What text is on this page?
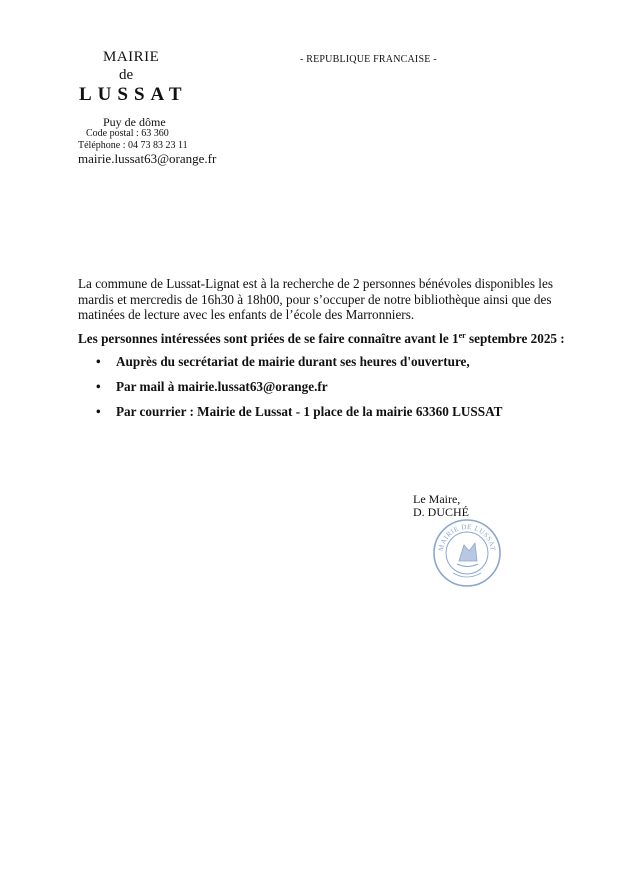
MAIRIE
de
LUSSAT
Puy de dôme
Code postal : 63 360
Téléphone : 04 73 83 23 11
mairie.lussat63@orange.fr
- REPUBLIQUE FRANCAISE -
La commune de Lussat-Lignat est à la recherche de 2 personnes bénévoles disponibles les mardis et mercredis de 16h30 à 18h00, pour s’occuper de notre bibliothèque ainsi que des matinées de lecture avec les enfants de l’école des Marronniers.
Les personnes intéressées sont priées de se faire connaître avant le 1er septembre 2025 :
• Auprès du secrétariat de mairie durant ses heures d'ouverture,
• Par mail à mairie.lussat63@orange.fr
• Par courrier : Mairie de Lussat - 1 place de la mairie 63360 LUSSAT
Le Maire,
D. DUCHÉ
MAIRIE DE LUSSAT
